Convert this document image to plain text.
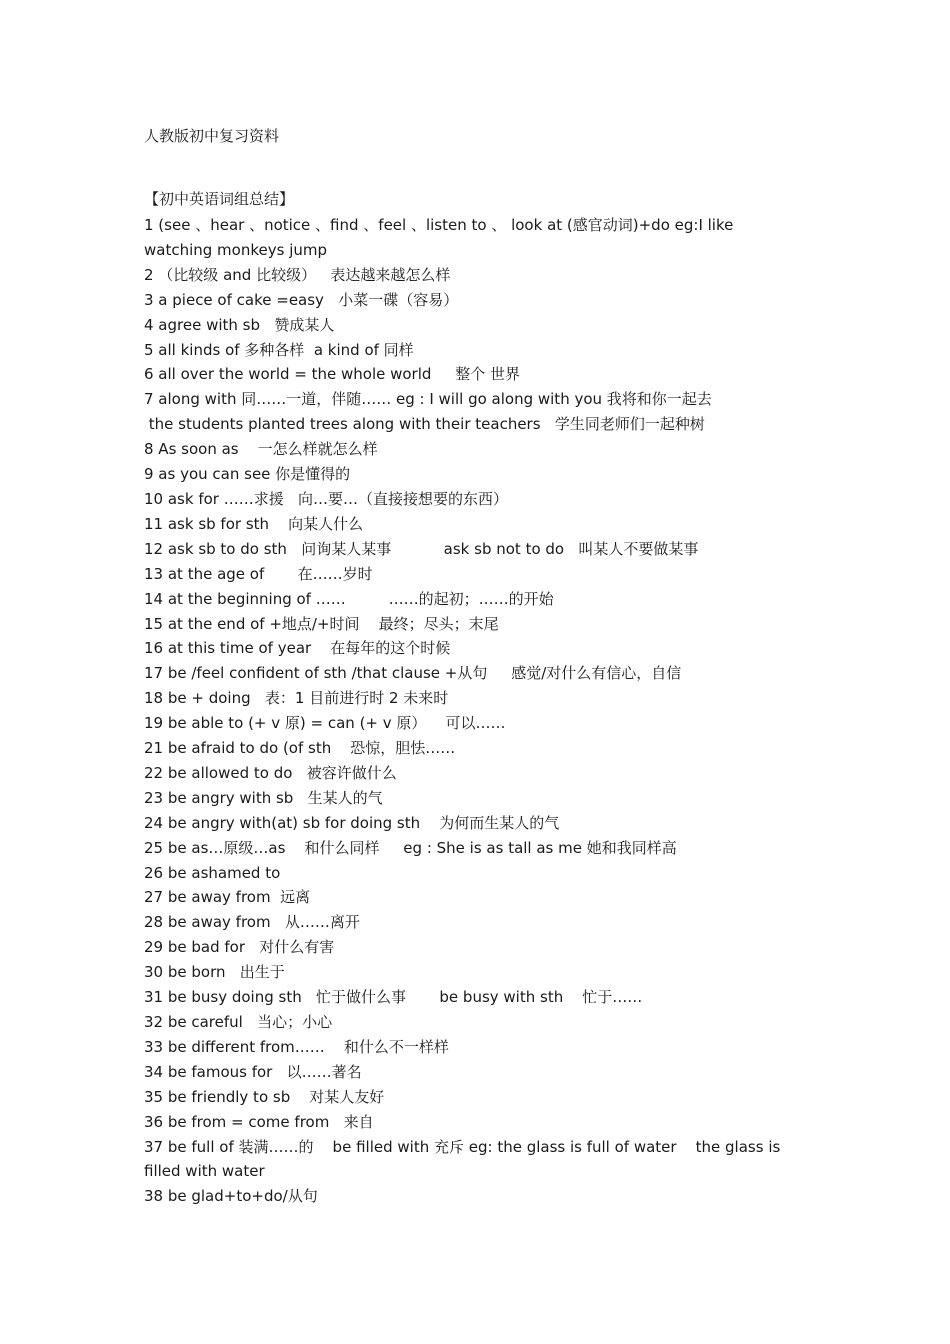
人教版初中复习资料
【初中英语词组总结】
1 (see 、hear 、notice 、find 、feel 、listen to 、 look at (感官动词)+do eg:I like
watching monkeys jump
2 （比较级 and 比较级）   表达越来越怎么样
3 a piece of cake =easy   小菜一碟（容易）
4 agree with sb   赞成某人
5 all kinds of 多种各样  a kind of 同样
6 all over the world = the whole world     整个 世界
7 along with 同……一道，伴随…… eg : I will go along with you 我将和你一起去
the students planted trees along with their teachers   学生同老师们一起种树
8 As soon as    一怎么样就怎么样
9 as you can see 你是懂得的
10 ask for ……求援   向…要…（直接接想要的东西）
11 ask sb for sth    向某人什么
12 ask sb to do sth   问询某人某事           ask sb not to do   叫某人不要做某事
13 at the age of       在……岁时
14 at the beginning of ……         ……的起初；……的开始
15 at the end of +地点/+时间    最终；尽头；末尾
16 at this time of year    在每年的这个时候
17 be /feel confident of sth /that clause +从句     感觉/对什么有信心，自信
18 be + doing   表：1 目前进行时 2 未来时
19 be able to (+ v 原) = can (+ v 原）    可以……
21 be afraid to do (of sth    恐惊，胆怯……
22 be allowed to do   被容许做什么
23 be angry with sb   生某人的气
24 be angry with(at) sb for doing sth    为何而生某人的气
25 be as…原级…as    和什么同样     eg : She is as tall as me 她和我同样高
26 be ashamed to
27 be away from  远离
28 be away from   从……离开
29 be bad for   对什么有害
30 be born   出生于
31 be busy doing sth   忙于做什么事       be busy with sth    忙于……
32 be careful   当心；小心
33 be different from……    和什么不一样样
34 be famous for   以……著名
35 be friendly to sb    对某人友好
36 be from = come from   来自
37 be full of 装满……的    be filled with 充斥 eg: the glass is full of water    the glass is
filled with water
38 be glad+to+do/从句
